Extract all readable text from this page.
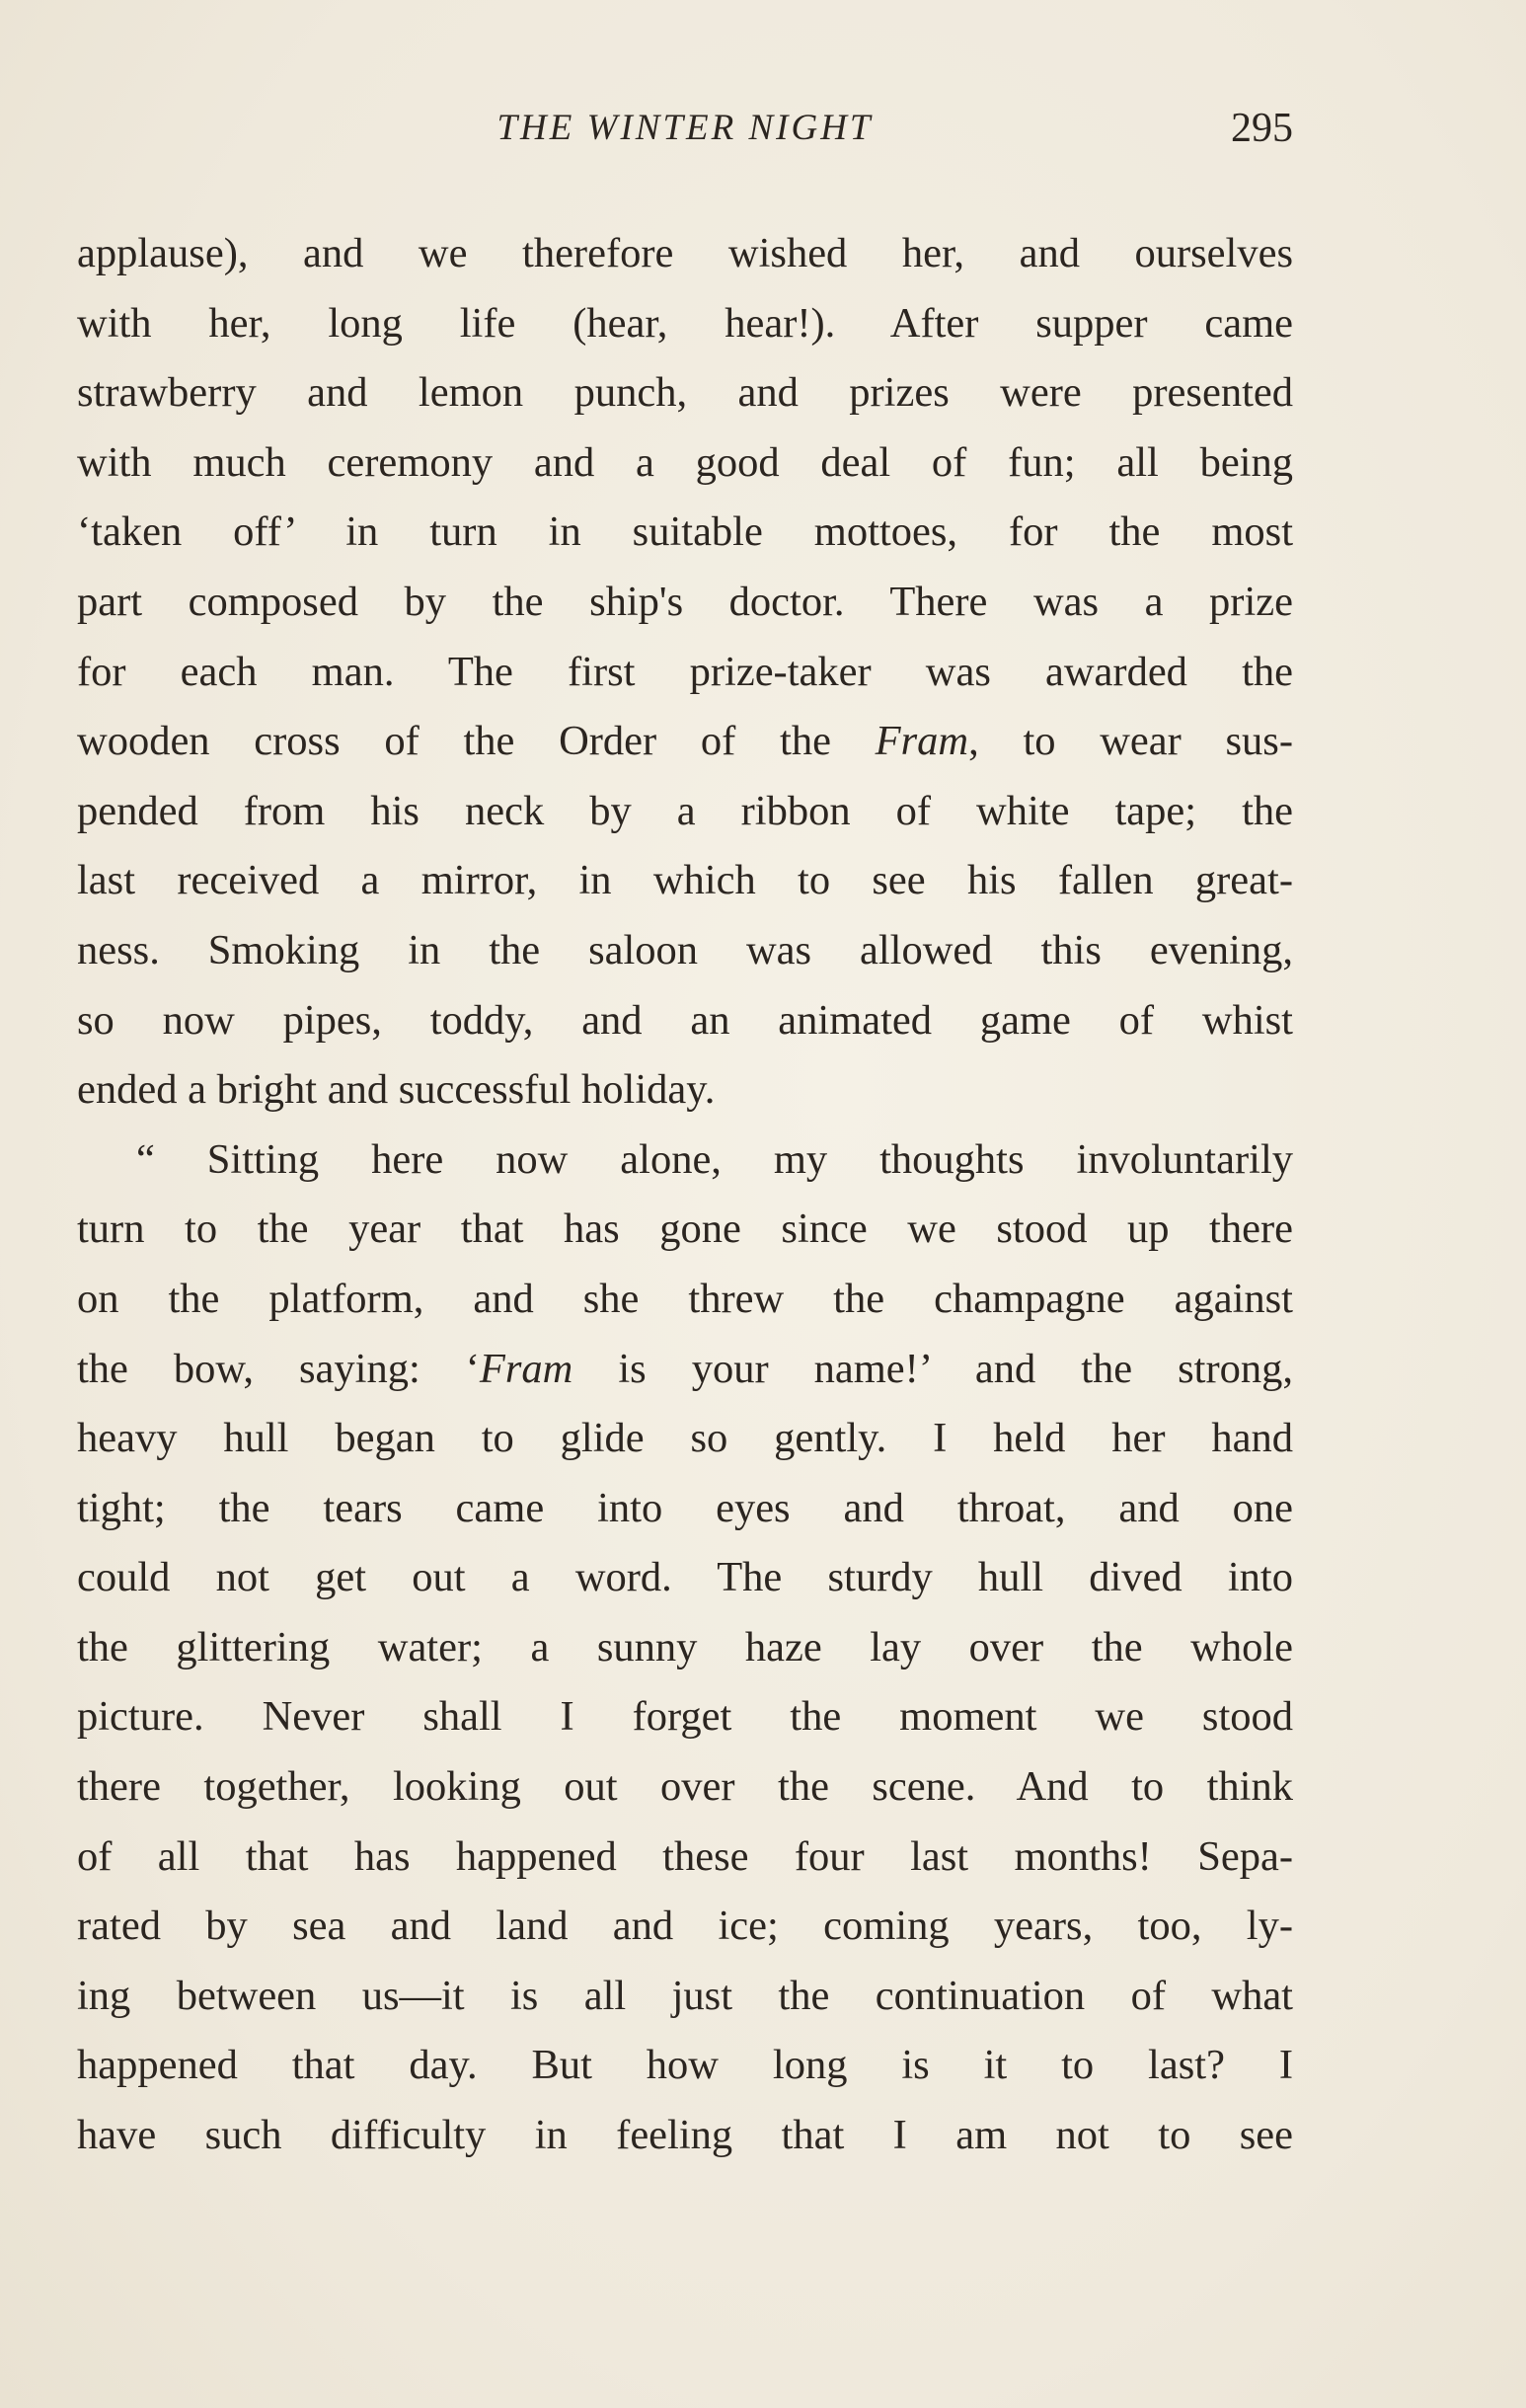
THE WINTER NIGHT	295
applause), and we therefore wished her, and ourselves
with her, long life (hear, hear!). After supper came
strawberry and lemon punch, and prizes were presented
with much ceremony and a good deal of fun; all being
‘taken off’ in turn in suitable mottoes, for the most
part composed by the ship's doctor. There was a prize
for each man. The first prize-taker was awarded the
wooden cross of the Order of the Fram, to wear sus-
pended from his neck by a ribbon of white tape; the
last received a mirror, in which to see his fallen great-
ness. Smoking in the saloon was allowed this evening,
so now pipes, toddy, and an animated game of whist
ended a bright and successful holiday.
“ Sitting here now alone, my thoughts involuntarily
turn to the year that has gone since we stood up there
on the platform, and she threw the champagne against
the bow, saying: ‘Fram is your name!’ and the strong,
heavy hull began to glide so gently. I held her hand
tight; the tears came into eyes and throat, and one
could not get out a word. The sturdy hull dived into
the glittering water; a sunny haze lay over the whole
picture. Never shall I forget the moment we stood
there together, looking out over the scene. And to think
of all that has happened these four last months! Sepa-
rated by sea and land and ice; coming years, too, ly-
ing between us—it is all just the continuation of what
happened that day. But how long is it to last? I
have such difficulty in feeling that I am not to see
